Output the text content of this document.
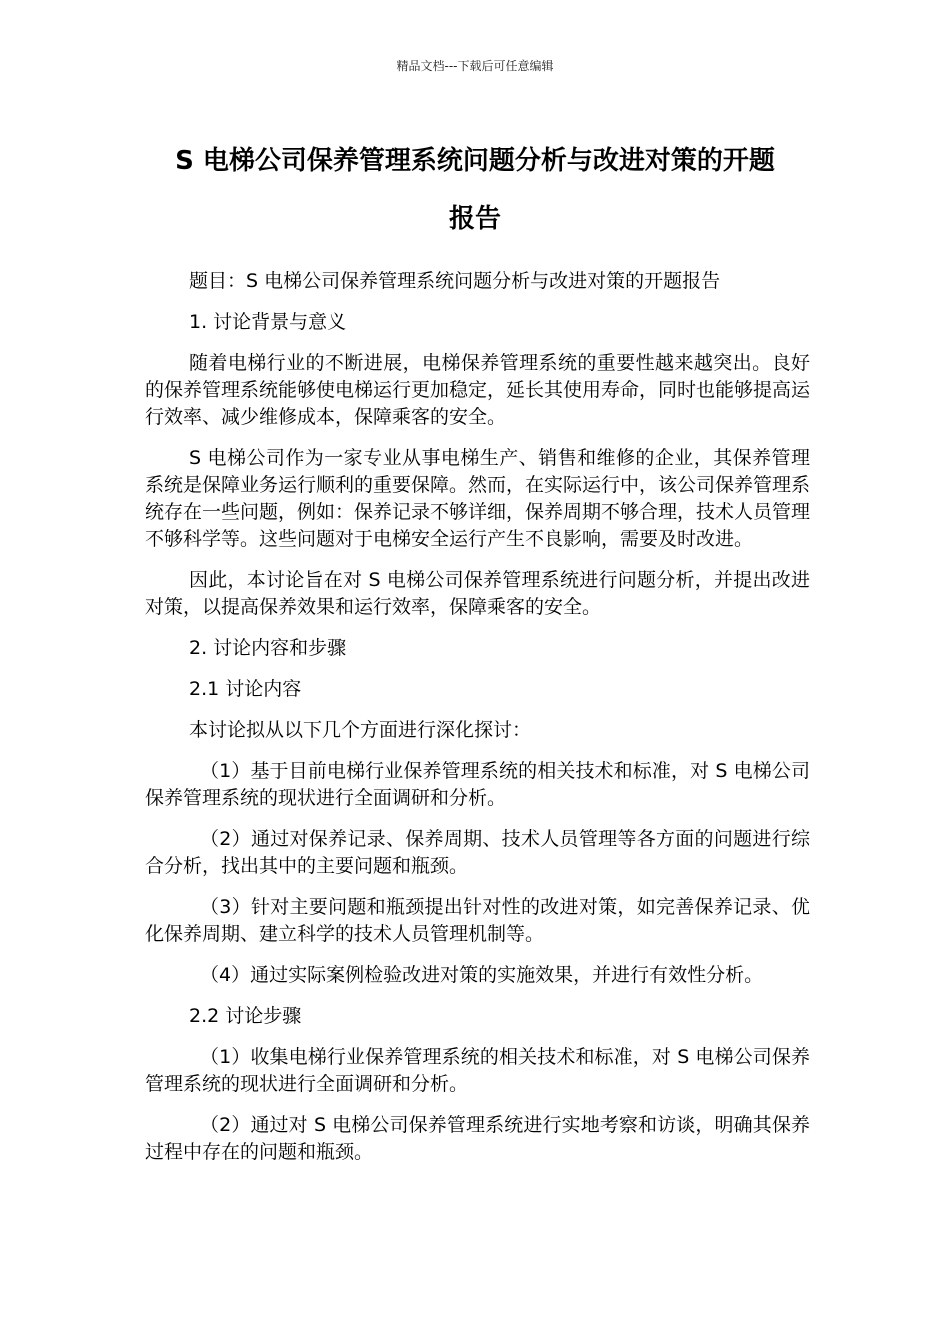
精品文档---下载后可任意编辑
S 电梯公司保养管理系统问题分析与改进对策的开题
报告

题目：S 电梯公司保养管理系统问题分析与改进对策的开题报告

1. 讨论背景与意义

随着电梯行业的不断进展，电梯保养管理系统的重要性越来越突出。良好的保养管理系统能够使电梯运行更加稳定，延长其使用寿命，同时也能够提高运行效率、减少维修成本，保障乘客的安全。

S 电梯公司作为一家专业从事电梯生产、销售和维修的企业，其保养管理系统是保障业务运行顺利的重要保障。然而，在实际运行中，该公司保养管理系统存在一些问题，例如：保养记录不够详细，保养周期不够合理，技术人员管理不够科学等。这些问题对于电梯安全运行产生不良影响，需要及时改进。

因此，本讨论旨在对 S 电梯公司保养管理系统进行问题分析，并提出改进对策，以提高保养效果和运行效率，保障乘客的安全。

2. 讨论内容和步骤

2.1 讨论内容

本讨论拟从以下几个方面进行深化探讨：

（1）基于目前电梯行业保养管理系统的相关技术和标准，对 S 电梯公司保养管理系统的现状进行全面调研和分析。

（2）通过对保养记录、保养周期、技术人员管理等各方面的问题进行综合分析，找出其中的主要问题和瓶颈。

（3）针对主要问题和瓶颈提出针对性的改进对策，如完善保养记录、优化保养周期、建立科学的技术人员管理机制等。

（4）通过实际案例检验改进对策的实施效果，并进行有效性分析。

2.2 讨论步骤

（1）收集电梯行业保养管理系统的相关技术和标准，对 S 电梯公司保养管理系统的现状进行全面调研和分析。

（2）通过对 S 电梯公司保养管理系统进行实地考察和访谈，明确其保养过程中存在的问题和瓶颈。
